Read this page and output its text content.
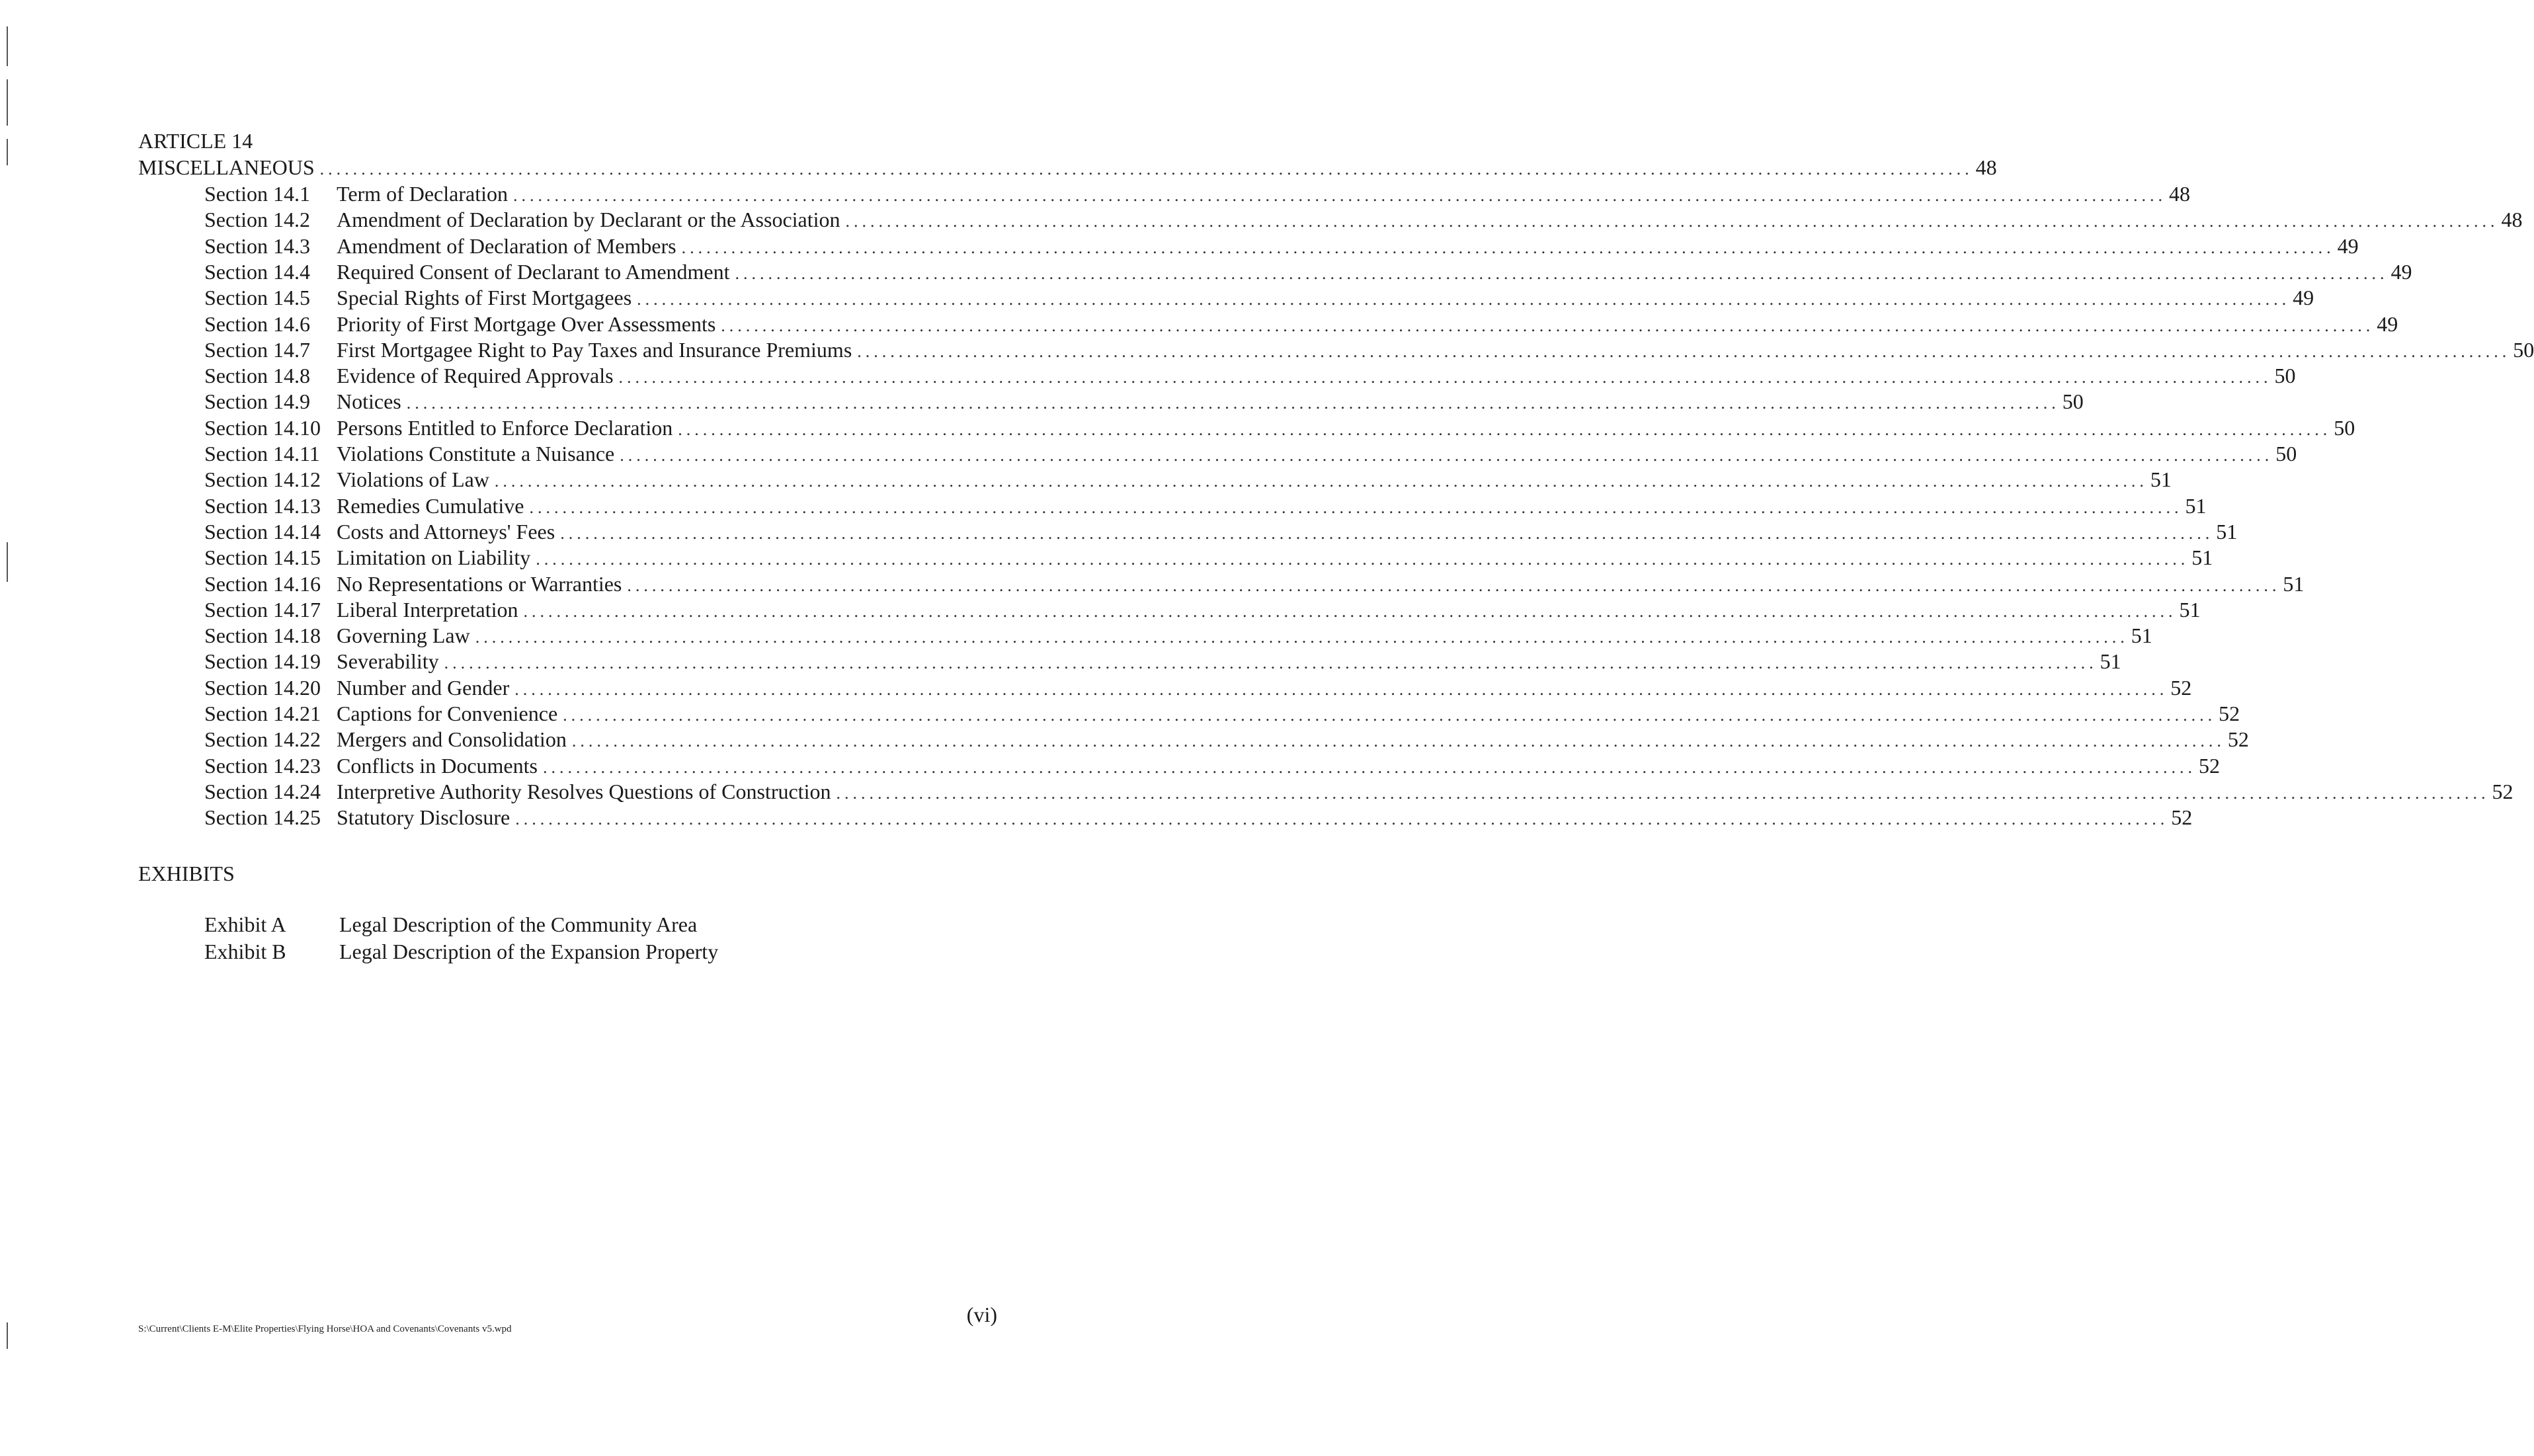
ARTICLE 14
MISCELLANEOUS ........................................................................................................................................................................................................ 48
Section 14.1	Term of Declaration ........................................................................................................................................................................................................ 48
Section 14.2	Amendment of Declaration by Declarant or the Association ........................................................................................................................................................................................................ 48
Section 14.3	Amendment of Declaration of Members ........................................................................................................................................................................................................ 49
Section 14.4	Required Consent of Declarant to Amendment ........................................................................................................................................................................................................ 49
Section 14.5	Special Rights of First Mortgagees ........................................................................................................................................................................................................ 49
Section 14.6	Priority of First Mortgage Over Assessments ........................................................................................................................................................................................................ 49
Section 14.7	First Mortgagee Right to Pay Taxes and Insurance Premiums ........................................................................................................................................................................................................ 50
Section 14.8	Evidence of Required Approvals ........................................................................................................................................................................................................ 50
Section 14.9	Notices ........................................................................................................................................................................................................ 50
Section 14.10 Persons Entitled to Enforce Declaration ........................................................................................................................................................................................................ 50
Section 14.11 Violations Constitute a Nuisance ........................................................................................................................................................................................................ 50
Section 14.12 Violations of Law ........................................................................................................................................................................................................ 51
Section 14.13 Remedies Cumulative ........................................................................................................................................................................................................ 51
Section 14.14 Costs and Attorneys' Fees ........................................................................................................................................................................................................ 51
Section 14.15 Limitation on Liability ........................................................................................................................................................................................................ 51
Section 14.16 No Representations or Warranties ........................................................................................................................................................................................................ 51
Section 14.17 Liberal Interpretation ........................................................................................................................................................................................................ 51
Section 14.18 Governing Law ........................................................................................................................................................................................................ 51
Section 14.19 Severability ........................................................................................................................................................................................................ 51
Section 14.20 Number and Gender ........................................................................................................................................................................................................ 52
Section 14.21 Captions for Convenience ........................................................................................................................................................................................................ 52
Section 14.22 Mergers and Consolidation ........................................................................................................................................................................................................ 52
Section 14.23 Conflicts in Documents ........................................................................................................................................................................................................ 52
Section 14.24 Interpretive Authority Resolves Questions of Construction ........................................................................................................................................................................................................ 52
Section 14.25 Statutory Disclosure ........................................................................................................................................................................................................ 52
EXHIBITS
Exhibit A	Legal Description of the Community Area
Exhibit B	Legal Description of the Expansion Property
S:\Current\Clients E-M\Elite Properties\Flying Horse\HOA and Covenants\Covenants v5.wpd
(vi)
